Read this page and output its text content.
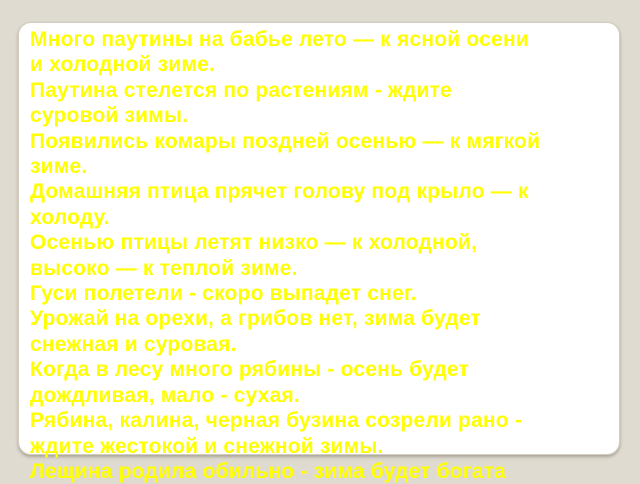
Много паутины на бабье лето — к ясной осени
и холодной зиме.
Паутина стелется по растениям - ждите
суровой зимы.
Появились комары поздней осенью — к мягкой
зиме.
Домашняя птица прячет голову под крыло — к
холоду.
Осенью птицы летят низко — к холодной,
высоко — к теплой зиме.
Гуси полетели - скоро выпадет снег.
Урожай на орехи, а грибов нет, зима будет
снежная и суровая.
Когда в лесу много рябины - осень будет
дождливая, мало - сухая.
Рябина, калина, черная бузина созрели рано -
ждите жестокой и снежной зимы.
Лещина родила обильно - зима будет богата
